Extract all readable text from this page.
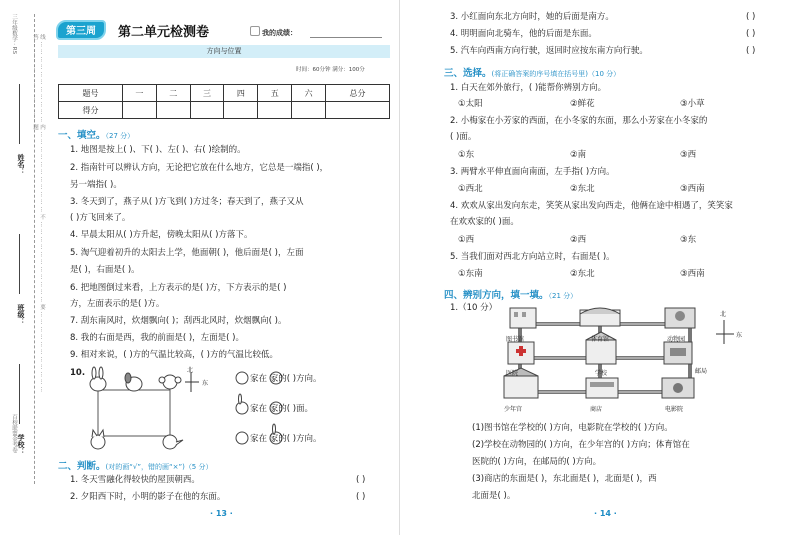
线……………………………内……………………………不……………………………要……………………………答……………………………题
三年级数学 · RS
姓名：
班级：
学校：
百校联盟金考卷
第三周	第二单元检测卷	我的成绩：
方向与位置
时间：60分钟 满分：100分
题号	一	二	三	四	五	六	总分
得分							
一、填空。（27 分）
1. 地图是按上( )、下( )、左( )、右( )绘制的。
2. 指南针可以辨认方向，无论把它放在什么地方，它总是一端指( )，
另一端指( )。
3. 冬天到了，燕子从( )方飞到( )方过冬；春天到了，燕子又从
( )方飞回来了。
4. 早晨太阳从( )方升起，傍晚太阳从( )方落下。
5. 淘气迎着初升的太阳去上学，他面朝( )，他后面是( )，左面
是( )，右面是( )。
6. 把地图倒过来看，上方表示的是( )方，下方表示的是( )
方，左面表示的是( )方。
7. 刮东南风时，炊烟飘向( )；刮西北风时，炊烟飘向( )。
8. 我的右面是西，我的前面是( )，左面是( )。
9. 相对来说，( )方的气温比较高，( )方的气温比较低。
10.	北
东	家在 家的( )方向。
家在 家的( )面。
家在 家的( )方向。
二、判断。(对的画“√”，错的画“×”)（5 分）
1. 冬天雪融化得较快的屋顶朝西。	( )
2. 夕阳西下时，小明的影子在他的东面。	( )
· 13 ·
3. 小红面向东北方向时，她的后面是南方。	( )
4. 明明面向北骑车，他的后面是东面。	( )
5. 汽车向西南方向行驶，返回时应按东南方向行驶。	( )
三、选择。(将正确答案的序号填在括号里)（10 分）
1. 白天在郊外旅行，( )能帮你辨别方向。
①太阳	②鲜花	③小草
2. 小梅家在小芳家的西面，在小冬家的东面，那么小芳家在小冬家的
( )面。
①东	②南	③西
3. 两臂水平伸直面向南面，左手指( )方向。
①西北	②东北	③西南
4. 欢欢从家出发向东走，笑笑从家出发向西走，他俩在途中相遇了，笑笑家
在欢欢家的( )面。
①西	②西	③东
5. 当我们面对西北方向站立时，右面是( )。
①东南	②东北	③西南
四、辨别方向，填一填。（21 分）
1.（10 分）
图书馆	体育馆	动物园
医院	学校	邮局
少年宫	商店	电影院
北
东
(1)图书馆在学校的( )方向，电影院在学校的( )方向。
(2)学校在动物园的( )方向，在少年宫的( )方向；体育馆在
医院的( )方向，在邮局的( )方向。
(3)商店的东面是( )，东北面是( )，北面是( )，西
北面是( )。
· 14 ·
